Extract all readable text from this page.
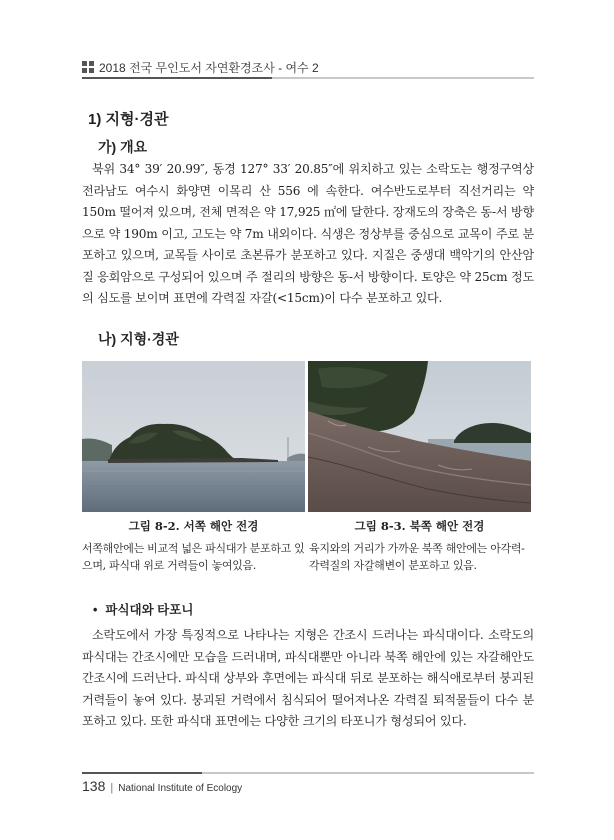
2018 전국 무인도서 자연환경조사 - 여수 2
1) 지형·경관
가) 개요

북위 34° 39′ 20.99″, 동경 127° 33′ 20.85″에 위치하고 있는 소락도는 행정구역상 전라남도 여수시 화양면 이목리 산 556 에 속한다. 여수반도로부터 직선거리는 약 150m 떨어져 있으며, 전체 면적은 약 17,925 ㎡에 달한다. 장재도의 장축은 동-서 방향으로 약 190m 이고, 고도는 약 7m 내외이다. 식생은 정상부를 중심으로 교목이 주로 분포하고 있으며, 교목들 사이로 초본류가 분포하고 있다. 지질은 중생대 백악기의 안산암질 응회암으로 구성되어 있으며 주 절리의 방향은 동-서 방향이다. 토양은 약 25cm 정도의 심도를 보이며 표면에 각력질 자갈(<15cm)이 다수 분포하고 있다.

나) 지형·경관
그림 8-2. 서쪽 해안 전경	그림 8-3. 북쪽 해안 전경
서쪽해안에는 비교적 넓은 파식대가 분포하고 있으며, 파식대 위로 거력들이 놓여있음.
육지와의 거리가 가까운 북쪽 해안에는 아각력-각력질의 자갈해변이 분포하고 있음.
• 파식대와 타포니

소락도에서 가장 특징적으로 나타나는 지형은 간조시 드러나는 파식대이다. 소락도의 파식대는 간조시에만 모습을 드러내며, 파식대뿐만 아니라 북쪽 해안에 있는 자갈해안도 간조시에 드러난다. 파식대 상부와 후면에는 파식대 뒤로 분포하는 해식애로부터 붕괴된 거력들이 놓여 있다. 붕괴된 거력에서 침식되어 떨어져나온 각력질 퇴적물들이 다수 분포하고 있다. 또한 파식대 표면에는 다양한 크기의 타포니가 형성되어 있다.

138 | National Institute of Ecology
